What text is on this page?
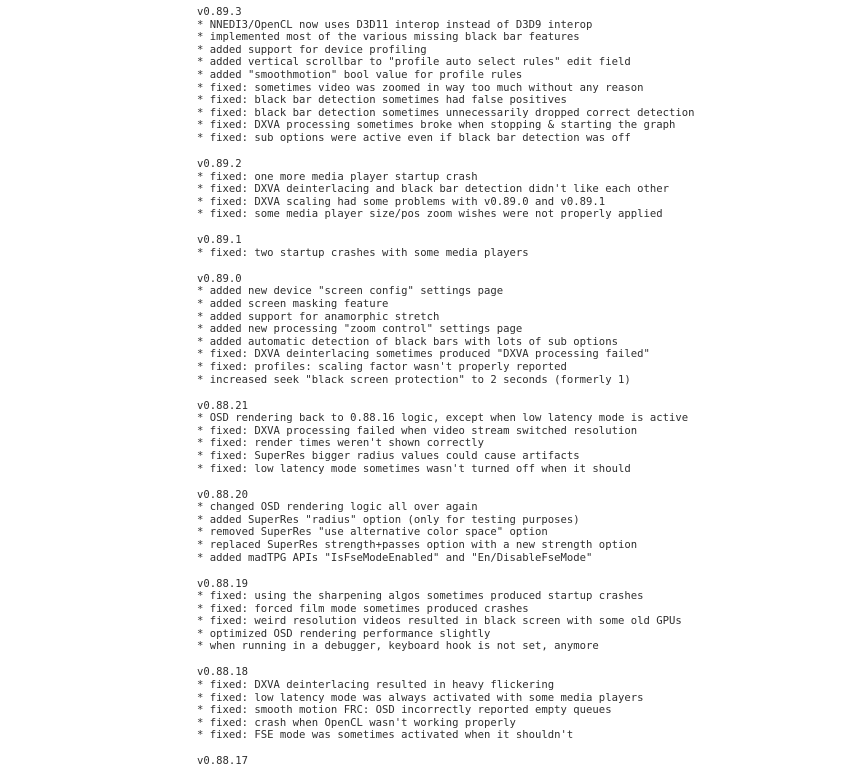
v0.89.3
* NNEDI3/OpenCL now uses D3D11 interop instead of D3D9 interop
* implemented most of the various missing black bar features
* added support for device profiling
* added vertical scrollbar to "profile auto select rules" edit field
* added "smoothmotion" bool value for profile rules
* fixed: sometimes video was zoomed in way too much without any reason
* fixed: black bar detection sometimes had false positives
* fixed: black bar detection sometimes unnecessarily dropped correct detection
* fixed: DXVA processing sometimes broke when stopping & starting the graph
* fixed: sub options were active even if black bar detection was off
v0.89.2
* fixed: one more media player startup crash
* fixed: DXVA deinterlacing and black bar detection didn't like each other
* fixed: DXVA scaling had some problems with v0.89.0 and v0.89.1
* fixed: some media player size/pos zoom wishes were not properly applied
v0.89.1
* fixed: two startup crashes with some media players
v0.89.0
* added new device "screen config" settings page
* added screen masking feature
* added support for anamorphic stretch
* added new processing "zoom control" settings page
* added automatic detection of black bars with lots of sub options
* fixed: DXVA deinterlacing sometimes produced "DXVA processing failed"
* fixed: profiles: scaling factor wasn't properly reported
* increased seek "black screen protection" to 2 seconds (formerly 1)
v0.88.21
* OSD rendering back to 0.88.16 logic, except when low latency mode is active
* fixed: DXVA processing failed when video stream switched resolution
* fixed: render times weren't shown correctly
* fixed: SuperRes bigger radius values could cause artifacts
* fixed: low latency mode sometimes wasn't turned off when it should
v0.88.20
* changed OSD rendering logic all over again
* added SuperRes "radius" option (only for testing purposes)
* removed SuperRes "use alternative color space" option
* replaced SuperRes strength+passes option with a new strength option
* added madTPG APIs "IsFseModeEnabled" and "En/DisableFseMode"
v0.88.19
* fixed: using the sharpening algos sometimes produced startup crashes
* fixed: forced film mode sometimes produced crashes
* fixed: weird resolution videos resulted in black screen with some old GPUs
* optimized OSD rendering performance slightly
* when running in a debugger, keyboard hook is not set, anymore
v0.88.18
* fixed: DXVA deinterlacing resulted in heavy flickering
* fixed: low latency mode was always activated with some media players
* fixed: smooth motion FRC: OSD incorrectly reported empty queues
* fixed: crash when OpenCL wasn't working properly
* fixed: FSE mode was sometimes activated when it shouldn't
v0.88.17
